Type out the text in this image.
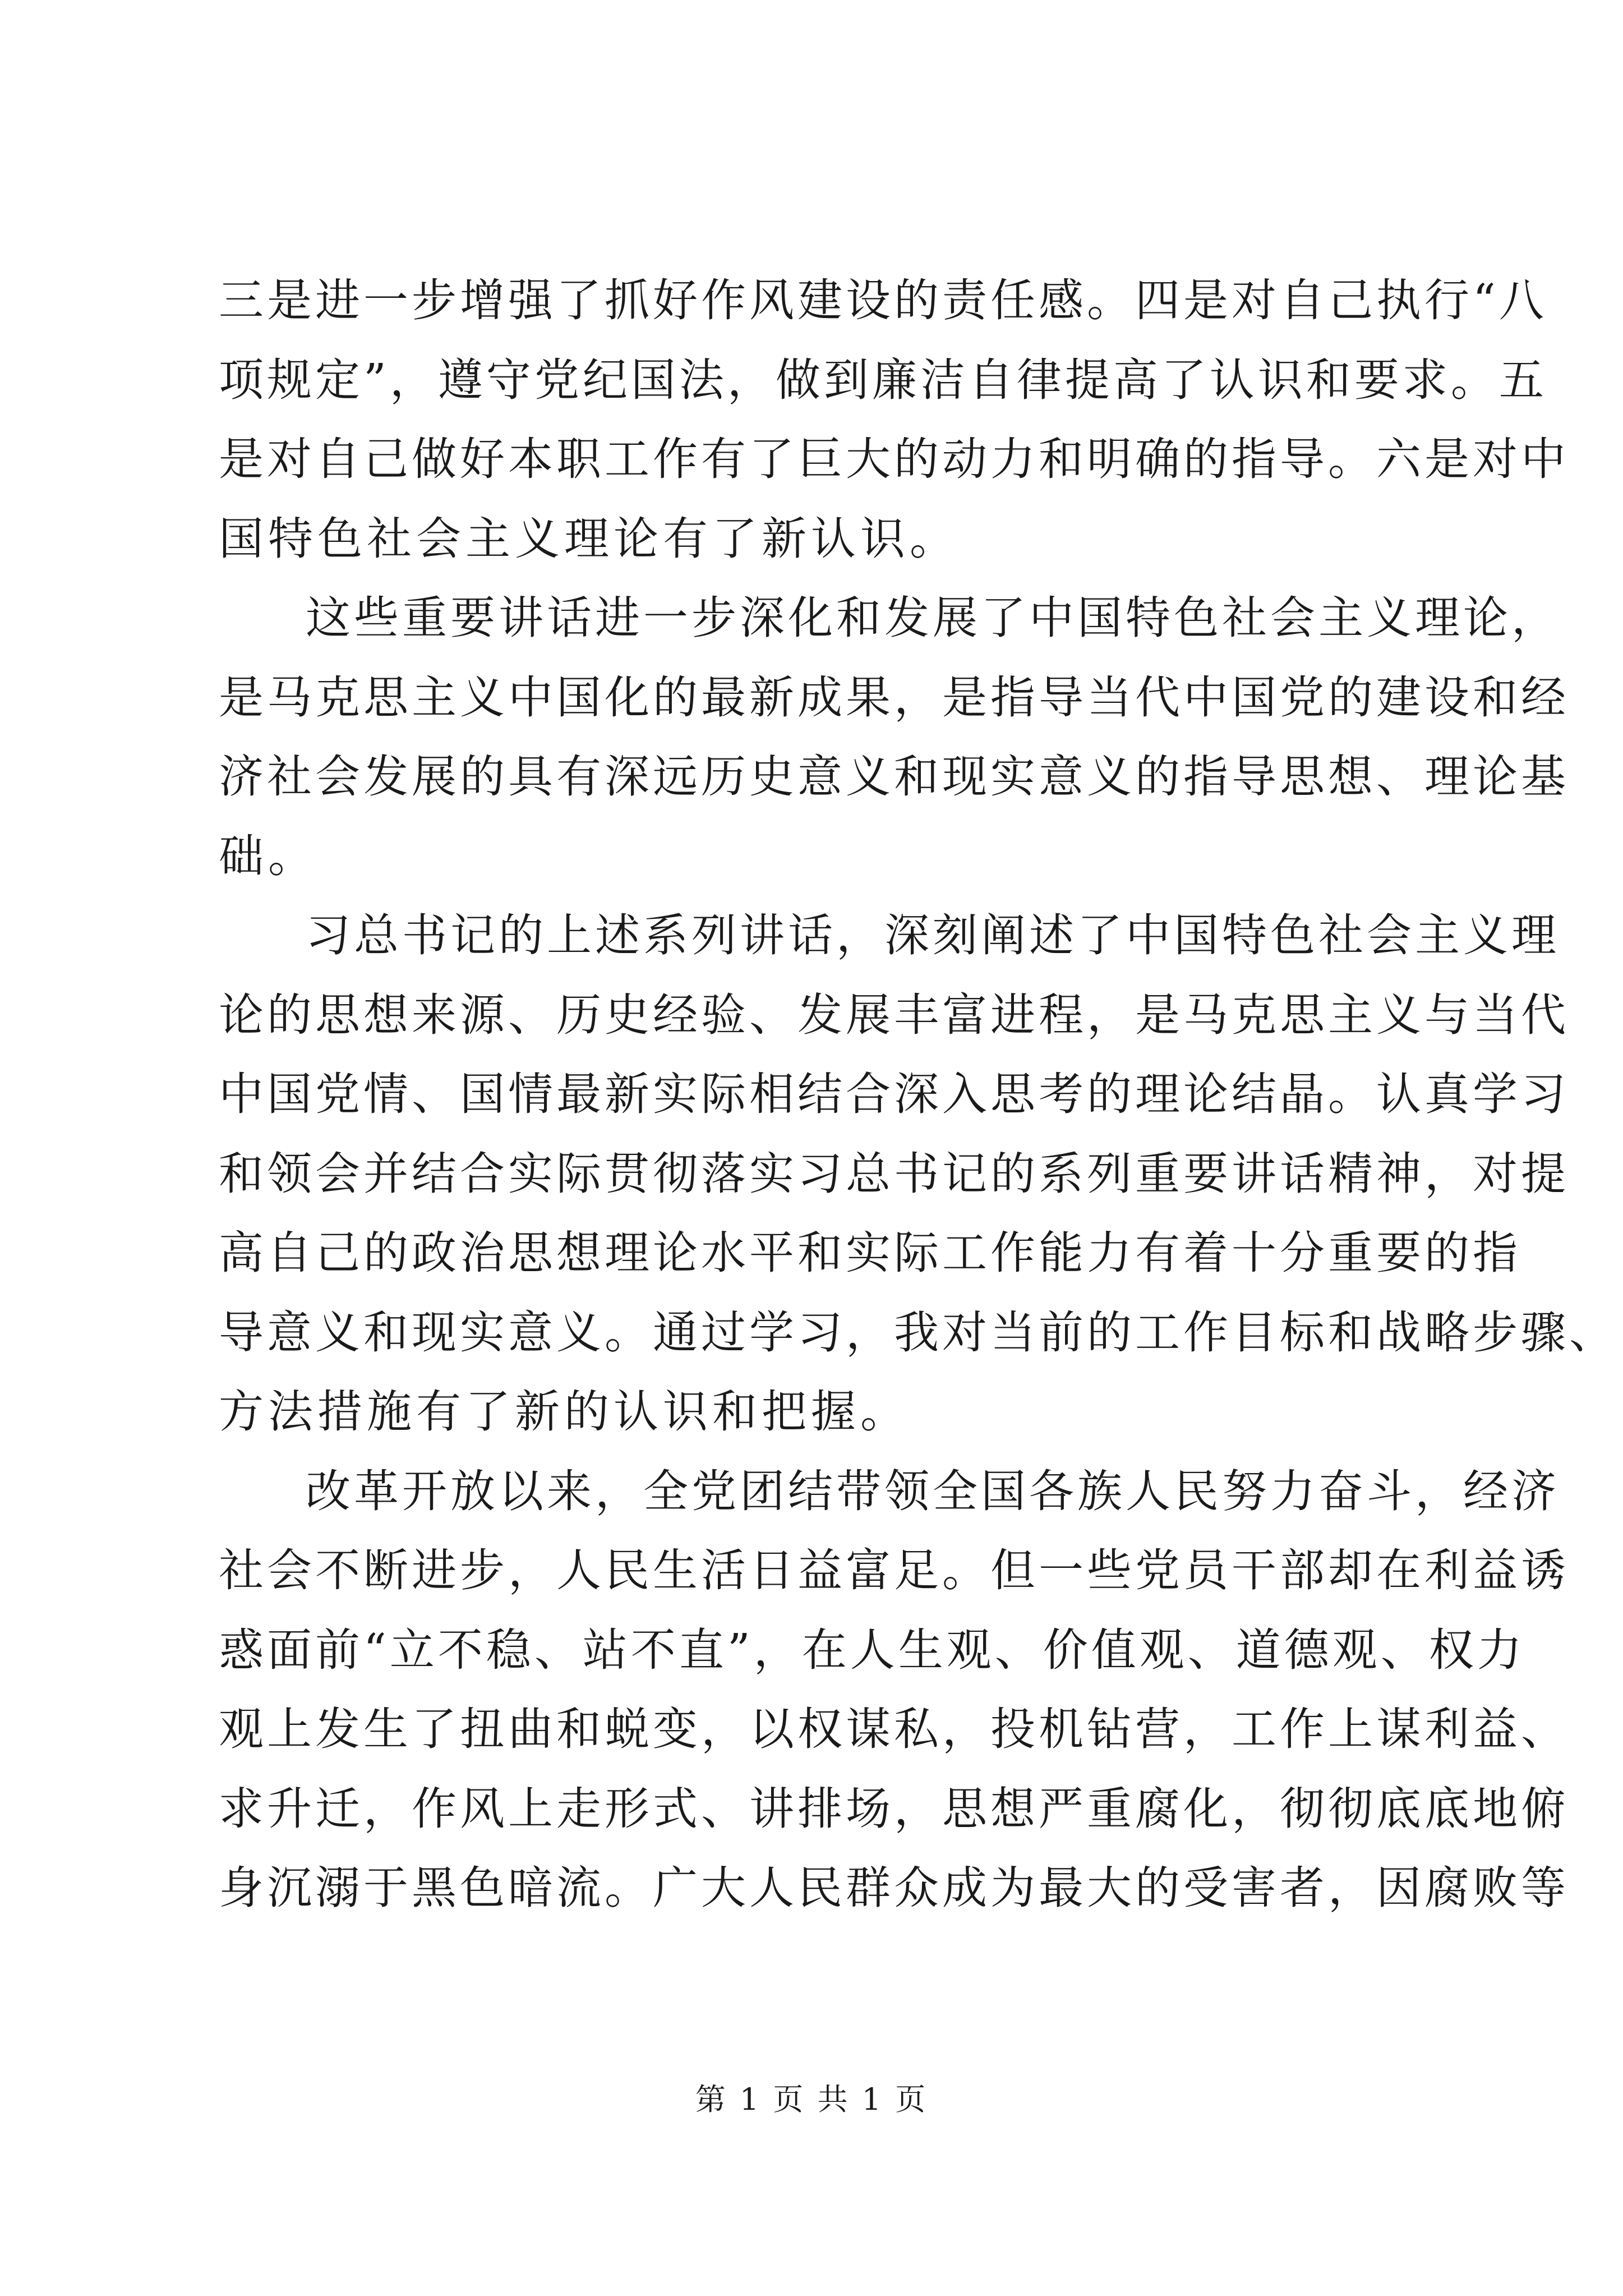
三是进一步增强了抓好作风建设的责任感。四是对自己执行“八
项规定”，遵守党纪国法，做到廉洁自律提高了认识和要求。五
是对自己做好本职工作有了巨大的动力和明确的指导。六是对中
国特色社会主义理论有了新认识。
这些重要讲话进一步深化和发展了中国特色社会主义理论，
是马克思主义中国化的最新成果，是指导当代中国党的建设和经
济社会发展的具有深远历史意义和现实意义的指导思想、理论基
础。
习总书记的上述系列讲话，深刻阐述了中国特色社会主义理
论的思想来源、历史经验、发展丰富进程，是马克思主义与当代
中国党情、国情最新实际相结合深入思考的理论结晶。认真学习
和领会并结合实际贯彻落实习总书记的系列重要讲话精神，对提
高自己的政治思想理论水平和实际工作能力有着十分重要的指
导意义和现实意义。通过学习，我对当前的工作目标和战略步骤、
方法措施有了新的认识和把握。
改革开放以来，全党团结带领全国各族人民努力奋斗，经济
社会不断进步，人民生活日益富足。但一些党员干部却在利益诱
惑面前“立不稳、站不直”，在人生观、价值观、道德观、权力
观上发生了扭曲和蜕变，以权谋私，投机钻营，工作上谋利益、
求升迁，作风上走形式、讲排场，思想严重腐化，彻彻底底地俯
身沉溺于黑色暗流。广大人民群众成为最大的受害者，因腐败等
第 1 页 共 1 页
